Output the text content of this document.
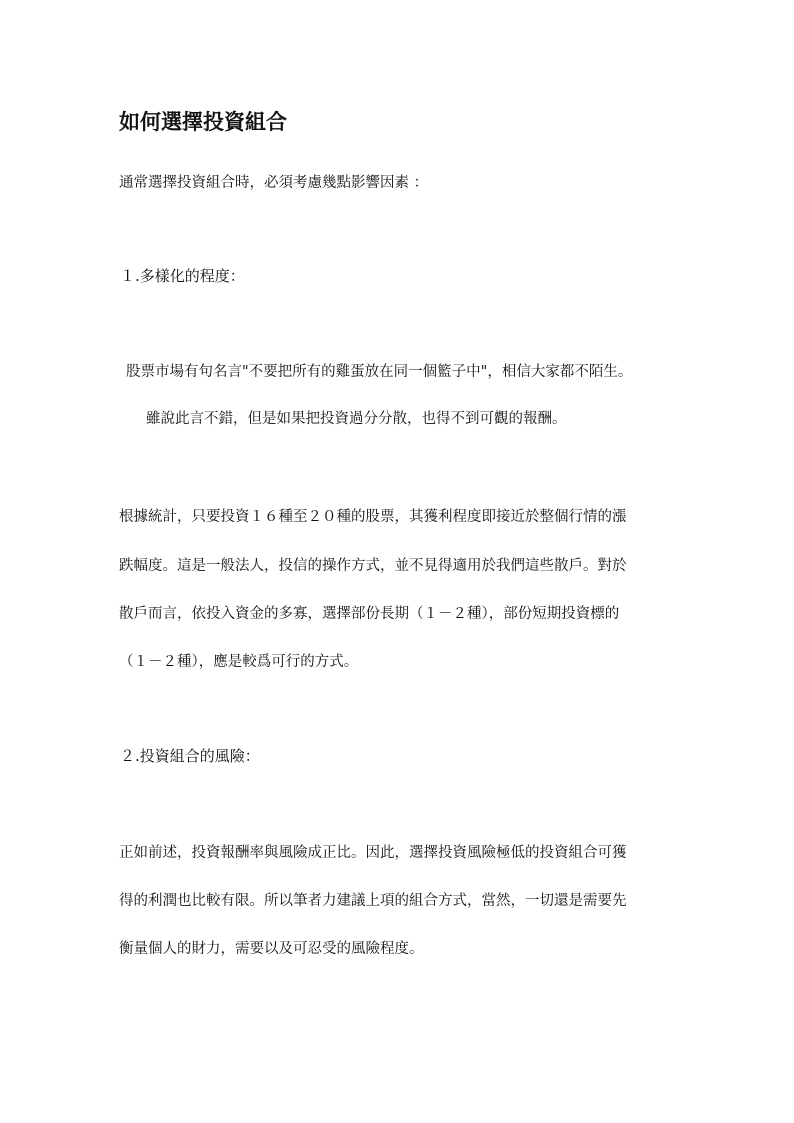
如何選擇投資組合
通常選擇投資組合時，必須考慮幾點影響因素 ：
１.多樣化的程度：
股票市場有句名言"不要把所有的雞蛋放在同一個籃子中"，相信大家都不陌生。
雖說此言不錯，但是如果把投資過分分散，也得不到可觀的報酬。
根據統計，只要投資１６種至２０種的股票，其獲利程度即接近於整個行情的漲
跌幅度。這是一般法人，投信的操作方式，並不見得適用於我們這些散戶。對於
散戶而言，依投入資金的多寡，選擇部份長期（１－２種），部份短期投資標的
（１－２種），應是較爲可行的方式。
２.投資組合的風險：
正如前述，投資報酬率與風險成正比。因此，選擇投資風險極低的投資組合可獲
得的利潤也比較有限。所以筆者力建議上項的組合方式，當然，一切還是需要先
衡量個人的財力，需要以及可忍受的風險程度。
